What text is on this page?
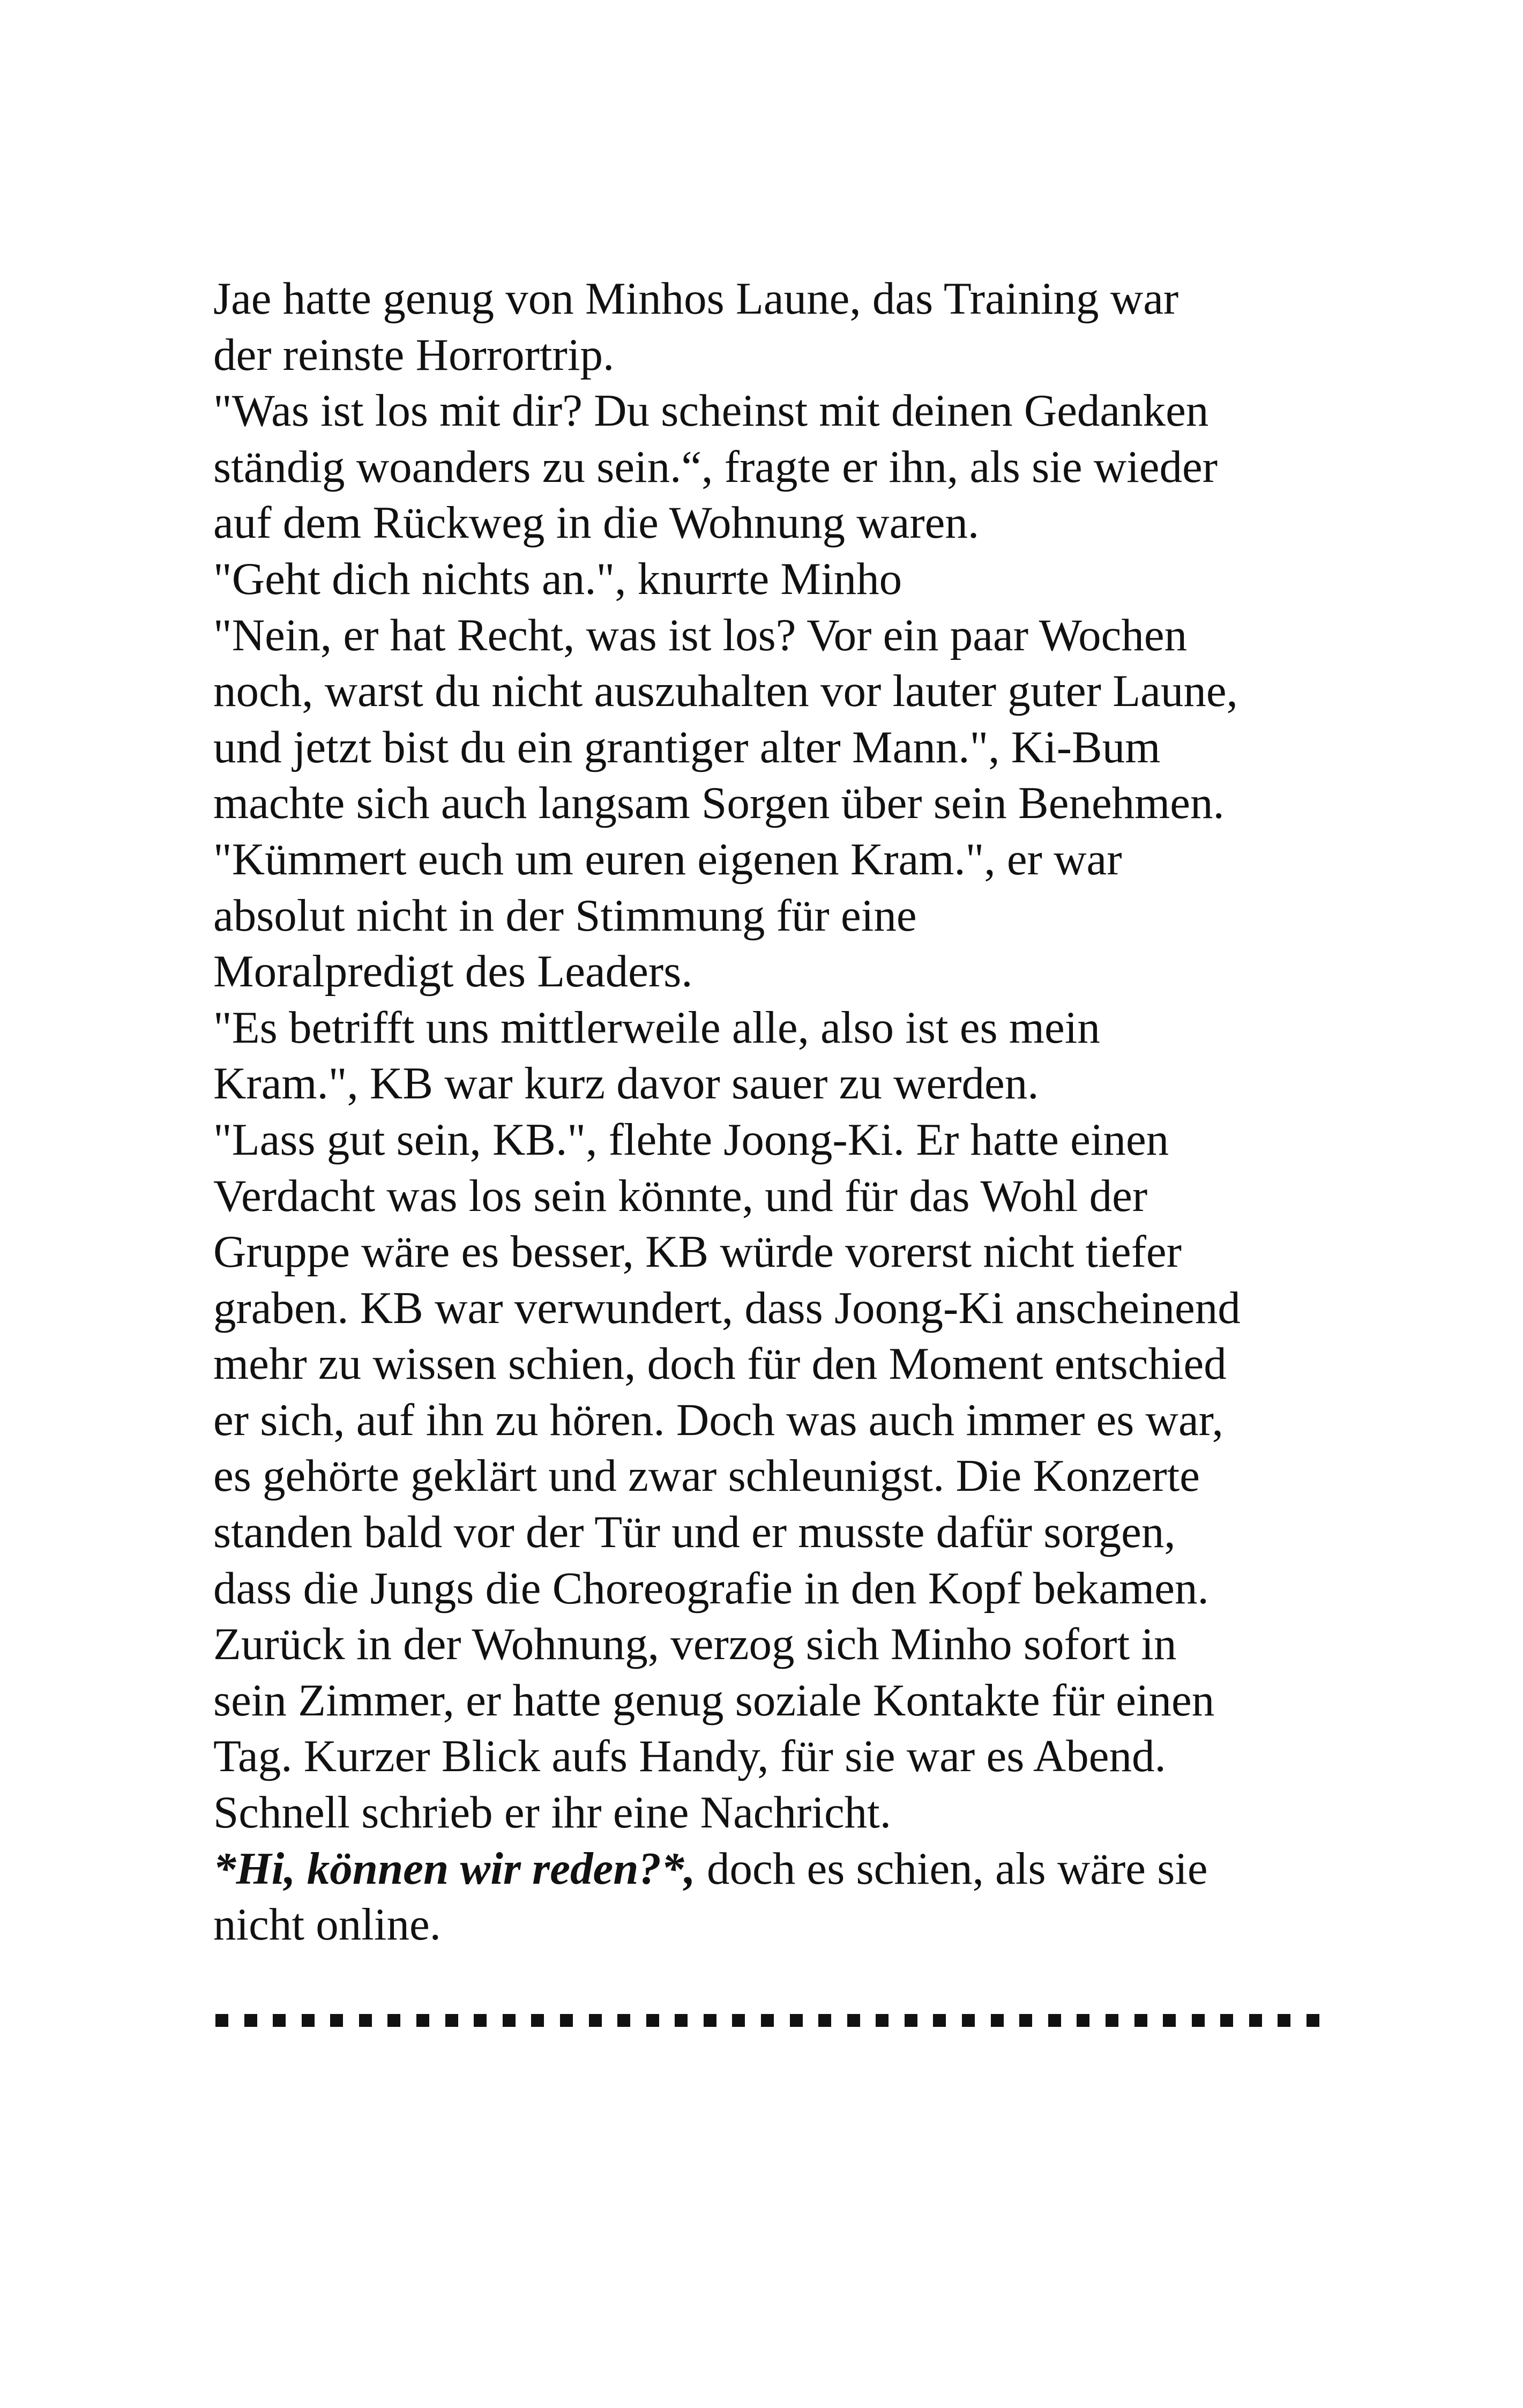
Jae hatte genug von Minhos Laune, das Training war
der reinste Horrortrip.
"Was ist los mit dir? Du scheinst mit deinen Gedanken
ständig woanders zu sein.“, fragte er ihn, als sie wieder
auf dem Rückweg in die Wohnung waren.
"Geht dich nichts an.", knurrte Minho
"Nein, er hat Recht, was ist los? Vor ein paar Wochen
noch, warst du nicht auszuhalten vor lauter guter Laune,
und jetzt bist du ein grantiger alter Mann.", Ki-Bum
machte sich auch langsam Sorgen über sein Benehmen.
"Kümmert euch um euren eigenen Kram.", er war
absolut nicht in der Stimmung für eine
Moralpredigt des Leaders.
"Es betrifft uns mittlerweile alle, also ist es mein
Kram.", KB war kurz davor sauer zu werden.
"Lass gut sein, KB.", flehte Joong-Ki. Er hatte einen
Verdacht was los sein könnte, und für das Wohl der
Gruppe wäre es besser, KB würde vorerst nicht tiefer
graben. KB war verwundert, dass Joong-Ki anscheinend
mehr zu wissen schien, doch für den Moment entschied
er sich, auf ihn zu hören. Doch was auch immer es war,
es gehörte geklärt und zwar schleunigst. Die Konzerte
standen bald vor der Tür und er musste dafür sorgen,
dass die Jungs die Choreografie in den Kopf bekamen.
Zurück in der Wohnung, verzog sich Minho sofort in
sein Zimmer, er hatte genug soziale Kontakte für einen
Tag. Kurzer Blick aufs Handy, für sie war es Abend.
Schnell schrieb er ihr eine Nachricht.
*Hi, können wir reden?*, doch es schien, als wäre sie
nicht online.
